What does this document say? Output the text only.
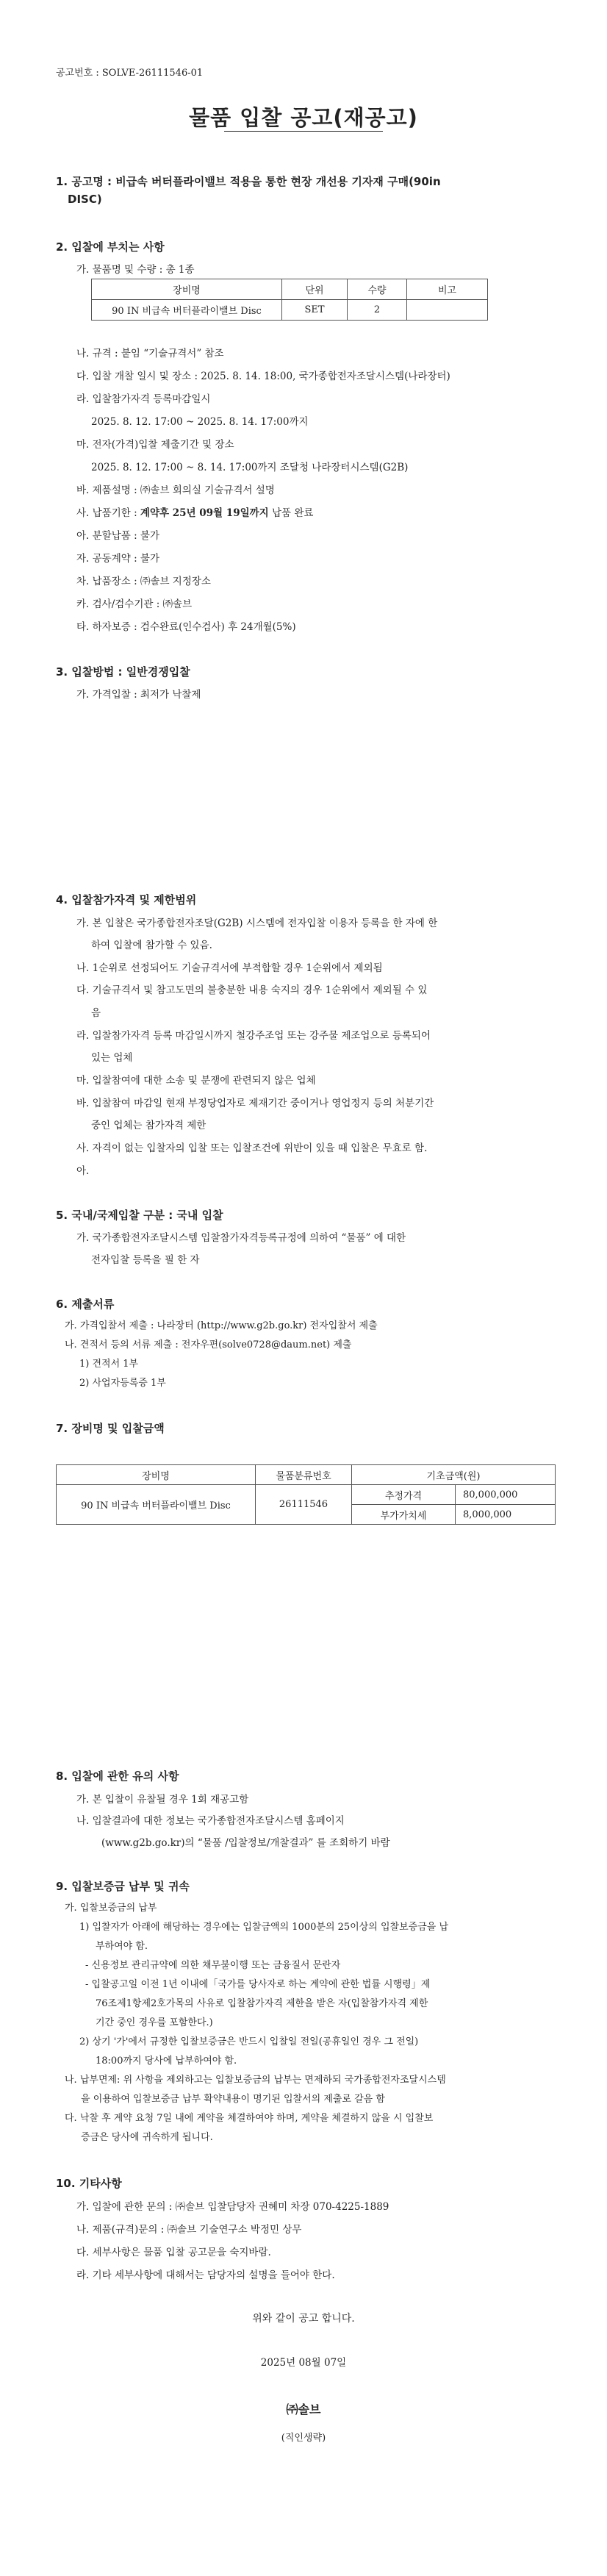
공고번호 : SOLVE-26111546-01
물품 입찰 공고(재공고)
1. 공고명 : 비급속 버터플라이밸브 적용을 통한 현장 개선용 기자재 구매(90in
DISC)
2. 입찰에 부치는 사항
가. 물품명 및 수량 : 총 1종
장비명	단위	수량	비고
90 IN 비급속 버터플라이밸브 Disc	SET	2	
나. 규격 : 붙임 “기술규격서” 참조
다. 입찰 개찰 일시 및 장소 : 2025. 8. 14. 18:00, 국가종합전자조달시스템(나라장터)
라. 입찰참가자격 등록마감일시
2025. 8. 12. 17:00 ~ 2025. 8. 14. 17:00까지
마. 전자(가격)입찰 제출기간 및 장소
2025. 8. 12. 17:00 ~ 8. 14. 17:00까지 조달청 나라장터시스템(G2B)
바. 제품설명 : ㈜솔브 회의실 기술규격서 설명
사. 납품기한 : 계약후 25년 09월 19일까지 납품 완료
아. 분할납품 : 불가
자. 공동계약 : 불가
차. 납품장소 : ㈜솔브 지정장소
카. 검사/검수기관 : ㈜솔브
타. 하자보증 : 검수완료(인수검사) 후 24개월(5%)
3. 입찰방법 : 일반경쟁입찰
가. 가격입찰 : 최저가 낙찰제
4. 입찰참가자격 및 제한범위
가. 본 입찰은 국가종합전자조달(G2B) 시스템에 전자입찰 이용자 등록을 한 자에 한
하여 입찰에 참가할 수 있음.
나. 1순위로 선정되어도 기술규격서에 부적합할 경우 1순위에서 제외됨
다. 기술규격서 및 참고도면의 불충분한 내용 숙지의 경우 1순위에서 제외될 수 있
음
라. 입찰참가자격 등록 마감일시까지 철강주조업 또는 강주물 제조업으로 등록되어
있는 업체
마. 입찰참여에 대한 소송 및 분쟁에 관련되지 않은 업체
바. 입찰참여 마감일 현재 부정당업자로 제재기간 중이거나 영업정지 등의 처분기간
중인 업체는 참가자격 제한
사. 자격이 없는 입찰자의 입찰 또는 입찰조건에 위반이 있을 때 입찰은 무효로 함.
아.
5. 국내/국제입찰 구분 : 국내 입찰
가. 국가종합전자조달시스템 입찰참가자격등록규정에 의하여 “물품” 에 대한
전자입찰 등록을 필 한 자
6. 제출서류
가. 가격입찰서 제출 : 나라장터 (http://www.g2b.go.kr) 전자입찰서 제출
나. 견적서 등의 서류 제출 : 전자우편(solve0728@daum.net) 제출
1) 견적서 1부
2) 사업자등록증 1부
7. 장비명 및 입찰금액
장비명	물품분류번호	기초금액(원)	
90 IN 비급속 버터플라이밸브 Disc	26111546	추정가격	80,000,000
		부가가치세	8,000,000
8. 입찰에 관한 유의 사항
가. 본 입찰이 유찰될 경우 1회 재공고함
나. 입찰결과에 대한 정보는 국가종합전자조달시스템 홈페이지
(www.g2b.go.kr)의 “물품 /입찰정보/개찰결과” 를 조회하기 바람
9. 입찰보증금 납부 및 귀속
가. 입찰보증금의 납부
1) 입찰자가 아래에 해당하는 경우에는 입찰금액의 1000분의 25이상의 입찰보증금을 납
부하여야 함.
- 신용정보 관리규약에 의한 채무불이행 또는 금융질서 문란자
- 입찰공고일 이전 1년 이내에「국가를 당사자로 하는 계약에 관한 법률 시행령」제
76조제1항제2호가목의 사유로 입찰참가자격 제한을 받은 자(입찰참가자격 제한
기간 중인 경우를 포함한다.)
2) 상기 '가'에서 규정한 입찰보증금은 반드시 입찰일 전일(공휴일인 경우 그 전일)
18:00까지 당사에 납부하여야 함.
나. 납부면제: 위 사항을 제외하고는 입찰보증금의 납부는 면제하되 국가종합전자조달시스템
을 이용하여 입찰보증금 납부 확약내용이 명기된 입찰서의 제출로 갈음 함
다. 낙찰 후 계약 요청 7일 내에 계약을 체결하여야 하며, 계약을 체결하지 않을 시 입찰보
증금은 당사에 귀속하게 됩니다.
10. 기타사항
가. 입찰에 관한 문의 : ㈜솔브 입찰담당자 권혜미 차장 070-4225-1889
나. 제품(규격)문의 : ㈜솔브 기술연구소 박정민 상무
다. 세부사항은 물품 입찰 공고문을 숙지바람.
라. 기타 세부사항에 대해서는 담당자의 설명을 들어야 한다.
위와 같이 공고 합니다.
2025년 08월 07일
㈜솔브
(직인생략)
